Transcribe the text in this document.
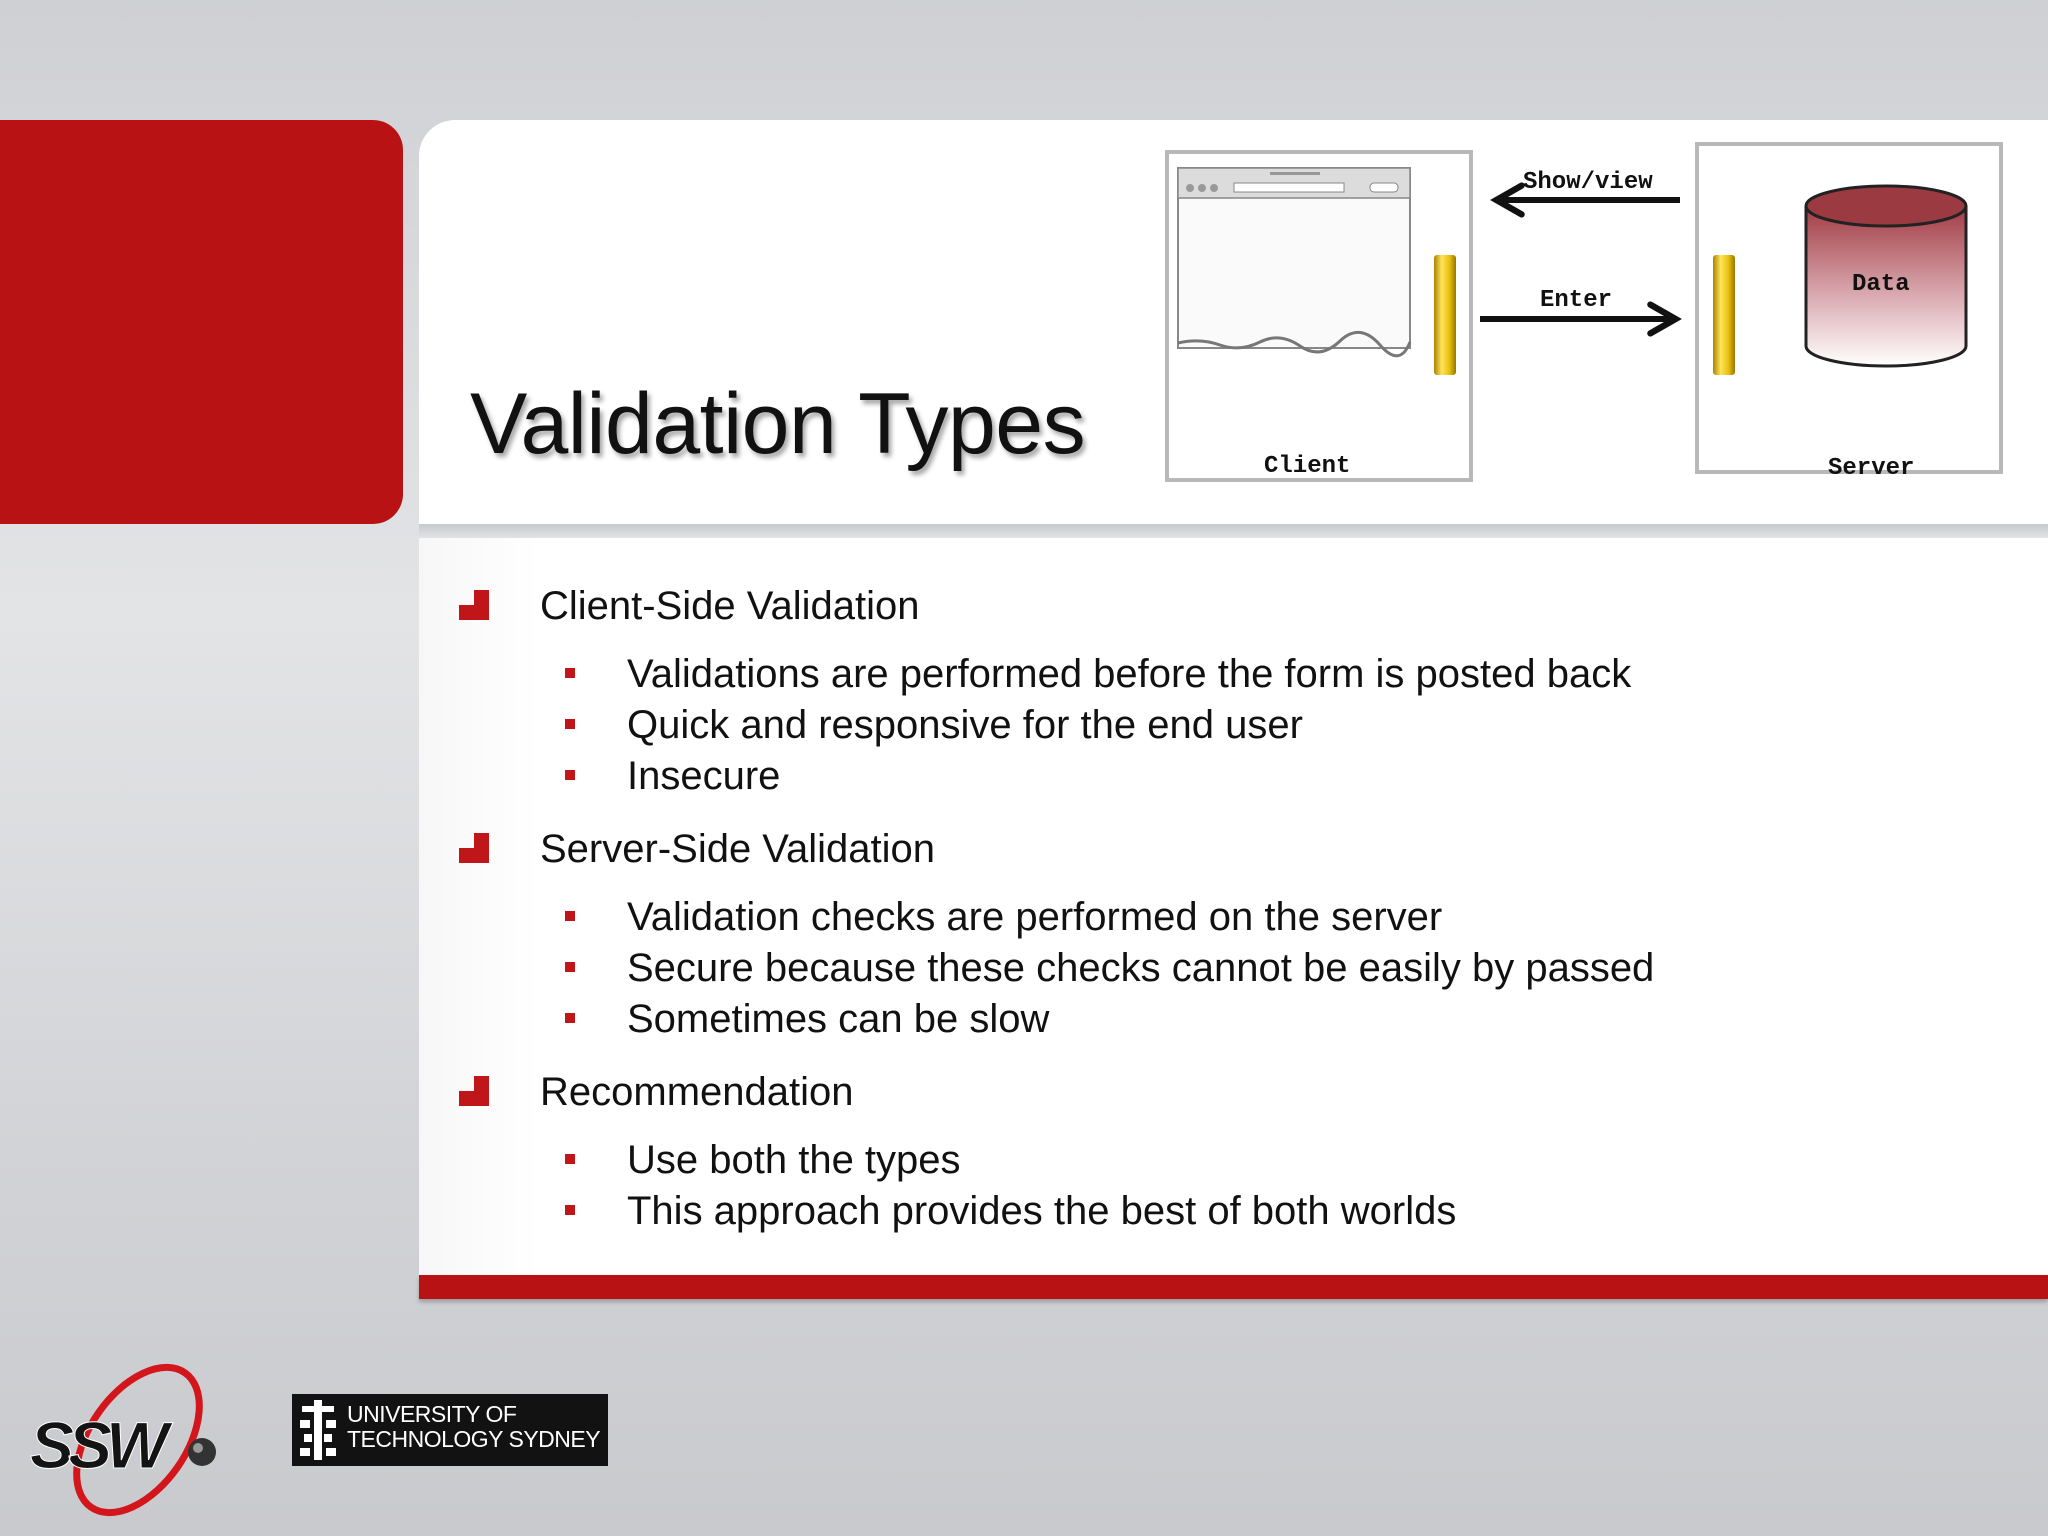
Validation Types	Client
Show/view
Enter
Data
Server
Client-Side Validation
Validations are performed before the form is posted back
Quick and responsive for the end user
Insecure
Server-Side Validation
Validation checks are performed on the server
Secure because these checks cannot be easily by passed
Sometimes can be slow
Recommendation
Use both the types
This approach provides the best of both worlds
SSW	UNIVERSITY OF
TECHNOLOGY SYDNEY
